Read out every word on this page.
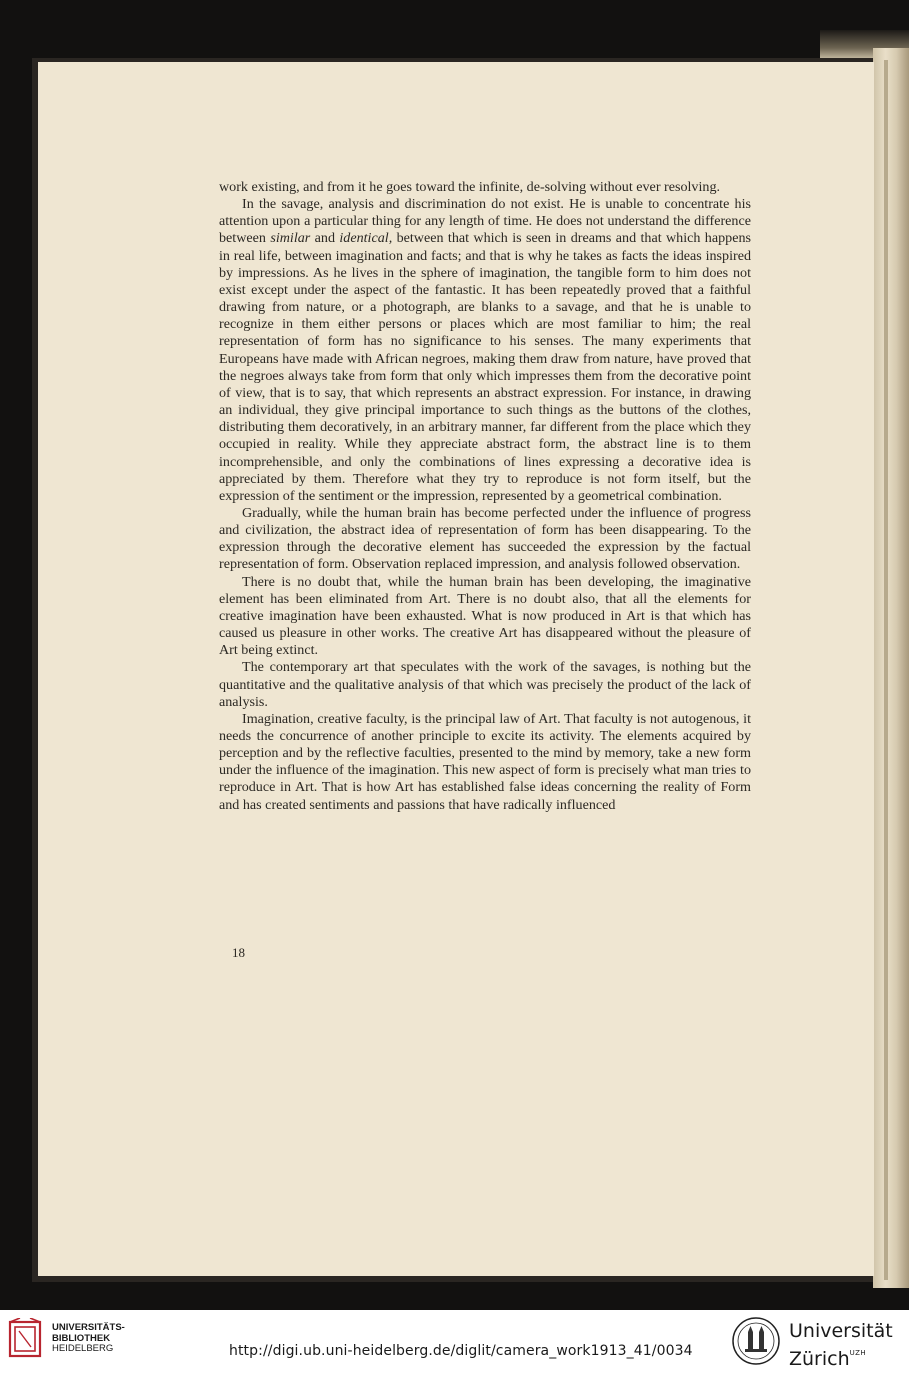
work existing, and from it he goes toward the infinite, de-solving without ever resolving.

In the savage, analysis and discrimination do not exist. He is unable to concentrate his attention upon a particular thing for any length of time. He does not understand the difference between similar and identical, between that which is seen in dreams and that which happens in real life, between imagination and facts; and that is why he takes as facts the ideas inspired by impressions. As he lives in the sphere of imagination, the tangible form to him does not exist except under the aspect of the fantastic. It has been repeatedly proved that a faithful drawing from nature, or a photograph, are blanks to a savage, and that he is unable to recognize in them either persons or places which are most familiar to him; the real representation of form has no significance to his senses. The many experiments that Europeans have made with African negroes, making them draw from nature, have proved that the negroes always take from form that only which impresses them from the decorative point of view, that is to say, that which represents an abstract expression. For instance, in drawing an individual, they give principal importance to such things as the buttons of the clothes, distributing them decoratively, in an arbitrary manner, far different from the place which they occupied in reality. While they appreciate abstract form, the abstract line is to them incomprehensible, and only the combinations of lines expressing a decorative idea is appreciated by them. Therefore what they try to reproduce is not form itself, but the expression of the sentiment or the impression, represented by a geometrical combination.

Gradually, while the human brain has become perfected under the influence of progress and civilization, the abstract idea of representation of form has been disappearing. To the expression through the decorative element has succeeded the expression by the factual representation of form. Observation replaced impression, and analysis followed observation.

There is no doubt that, while the human brain has been developing, the imaginative element has been eliminated from Art. There is no doubt also, that all the elements for creative imagination have been exhausted. What is now produced in Art is that which has caused us pleasure in other works. The creative Art has disappeared without the pleasure of Art being extinct.

The contemporary art that speculates with the work of the savages, is nothing but the quantitative and the qualitative analysis of that which was precisely the product of the lack of analysis.

Imagination, creative faculty, is the principal law of Art. That faculty is not autogenous, it needs the concurrence of another principle to excite its activity. The elements acquired by perception and by the reflective faculties, presented to the mind by memory, take a new form under the influence of the imagination. This new aspect of form is precisely what man tries to reproduce in Art. That is how Art has established false ideas concerning the reality of Form and has created sentiments and passions that have radically influenced

18
UNIVERSITÄTS-
BIBLIOTHEK
HEIDELBERG	http://digi.ub.uni-heidelberg.de/diglit/camera_work1913_41/0034
Universität
Zürich$^{UZH}$
